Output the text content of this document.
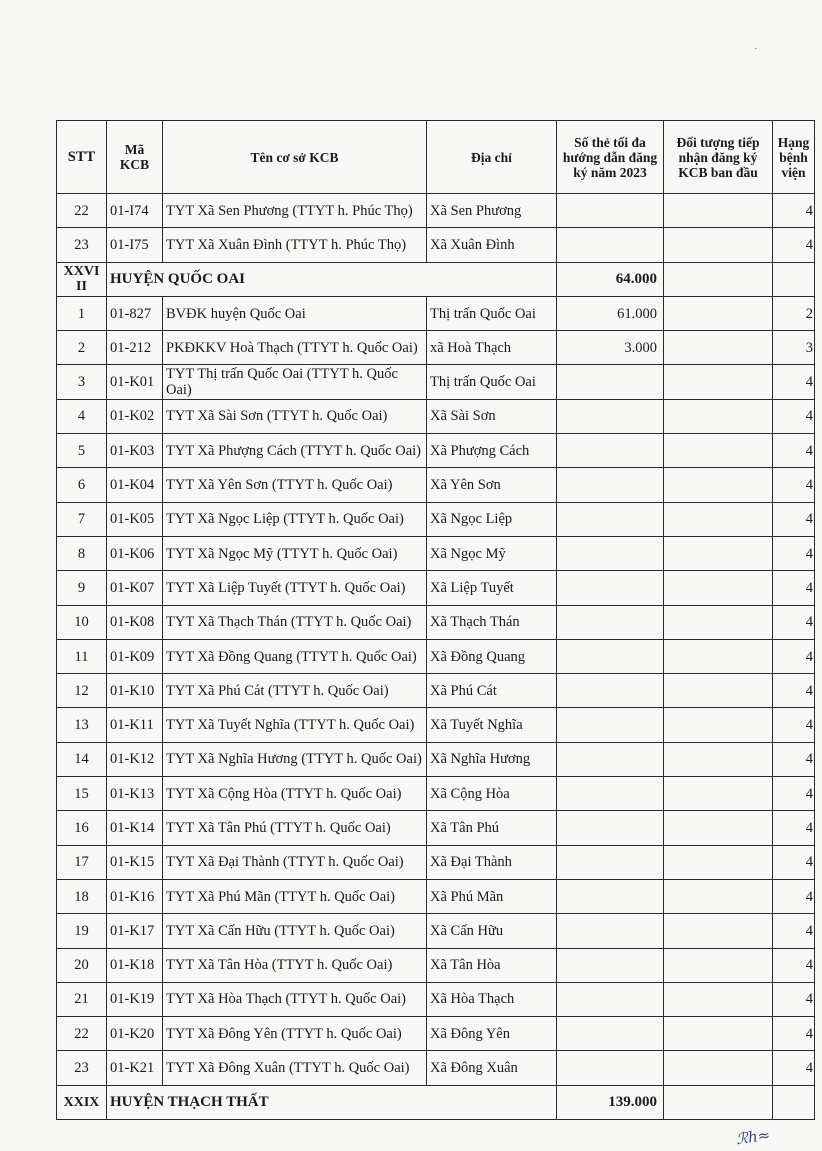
·
STT	Mã KCB	Tên cơ sở KCB	Địa chỉ	Số thẻ tối đa hướng dẫn đăng ký năm 2023	Đối tượng tiếp nhận đăng ký KCB ban đầu	Hạng bệnh viện
22	01-I74	TYT Xã Sen Phương (TTYT h. Phúc Thọ)	Xã Sen Phương			4
23	01-I75	TYT Xã Xuân Đình (TTYT h. Phúc Thọ)	Xã Xuân Đình			4
XXVI II	HUYỆN QUỐC OAI			64.000		
1	01-827	BVĐK huyện Quốc Oai	Thị trấn Quốc Oai	61.000		2
2	01-212	PKĐKKV Hoà Thạch (TTYT h. Quốc Oai)	xã Hoà Thạch	3.000		3
3	01-K01	TYT Thị trấn Quốc Oai (TTYT h. Quốc Oai)	Thị trấn Quốc Oai			4
4	01-K02	TYT Xã Sài Sơn (TTYT h. Quốc Oai)	Xã Sài Sơn			4
5	01-K03	TYT Xã Phượng Cách (TTYT h. Quốc Oai)	Xã Phượng Cách			4
6	01-K04	TYT Xã Yên Sơn (TTYT h. Quốc Oai)	Xã Yên Sơn			4
7	01-K05	TYT Xã Ngọc Liệp (TTYT h. Quốc Oai)	Xã Ngọc Liệp			4
8	01-K06	TYT Xã Ngọc Mỹ (TTYT h. Quốc Oai)	Xã Ngọc Mỹ			4
9	01-K07	TYT Xã Liệp Tuyết (TTYT h. Quốc Oai)	Xã Liệp Tuyết			4
10	01-K08	TYT Xã Thạch Thán (TTYT h. Quốc Oai)	Xã Thạch Thán			4
11	01-K09	TYT Xã Đồng Quang (TTYT h. Quốc Oai)	Xã Đồng Quang			4
12	01-K10	TYT Xã Phú Cát (TTYT h. Quốc Oai)	Xã Phú Cát			4
13	01-K11	TYT Xã Tuyết Nghĩa (TTYT h. Quốc Oai)	Xã Tuyết Nghĩa			4
14	01-K12	TYT Xã Nghĩa Hương (TTYT h. Quốc Oai)	Xã Nghĩa Hương			4
15	01-K13	TYT Xã Cộng Hòa (TTYT h. Quốc Oai)	Xã Cộng Hòa			4
16	01-K14	TYT Xã Tân Phú (TTYT h. Quốc Oai)	Xã Tân Phú			4
17	01-K15	TYT Xã Đại Thành (TTYT h. Quốc Oai)	Xã Đại Thành			4
18	01-K16	TYT Xã Phú Mãn (TTYT h. Quốc Oai)	Xã Phú Mãn			4
19	01-K17	TYT Xã Cấn Hữu (TTYT h. Quốc Oai)	Xã Cấn Hữu			4
20	01-K18	TYT Xã Tân Hòa (TTYT h. Quốc Oai)	Xã Tân Hòa			4
21	01-K19	TYT Xã Hòa Thạch (TTYT h. Quốc Oai)	Xã Hòa Thạch			4
22	01-K20	TYT Xã Đông Yên (TTYT h. Quốc Oai)	Xã Đông Yên			4
23	01-K21	TYT Xã Đông Xuân (TTYT h. Quốc Oai)	Xã Đông Xuân			4
XXIX	HUYỆN THẠCH THẤT			139.000		
ℛℎ≈
